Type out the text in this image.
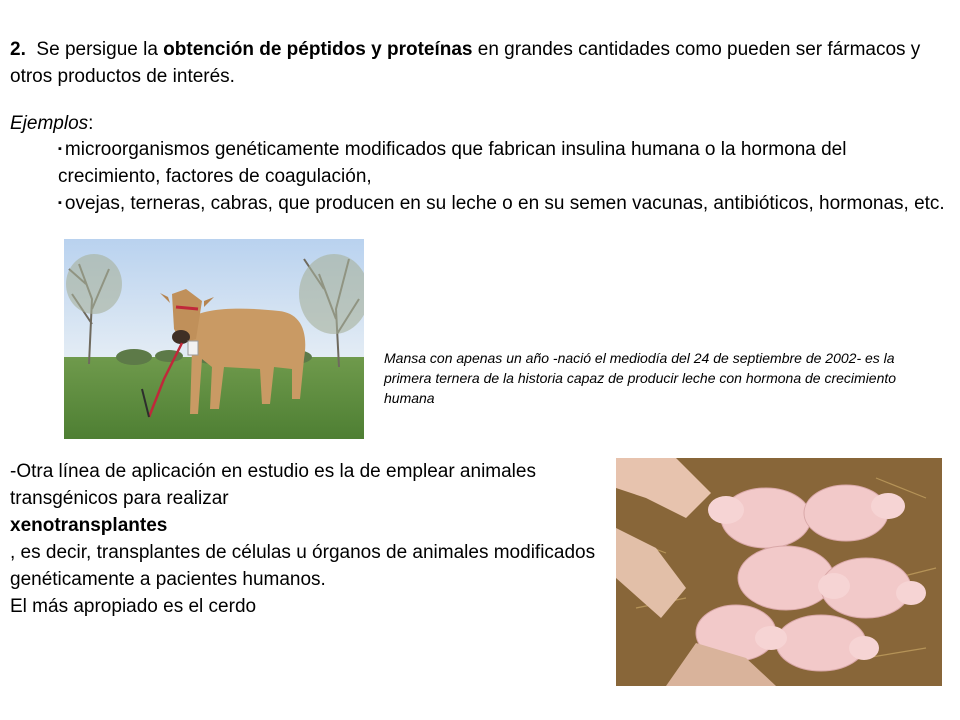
2. Se persigue la obtención de péptidos y proteínas en grandes cantidades como pueden ser fármacos y otros productos de interés.

Ejemplos:

▪ microorganismos genéticamente modificados que fabrican insulina humana o la hormona del crecimiento, factores de coagulación,
▪ ovejas, terneras, cabras, que producen en su leche o en su semen vacunas, antibióticos, hormonas, etc.
Mansa con apenas un año -nació el mediodía del 24 de septiembre de 2002- es la primera ternera de la historia capaz de producir leche con hormona de crecimiento humana
-Otra línea de aplicación en estudio es la de emplear animales transgénicos para realizar
xenotransplantes
, es decir, transplantes de células u órganos de animales modificados genéticamente a pacientes humanos.
El más apropiado es el cerdo
